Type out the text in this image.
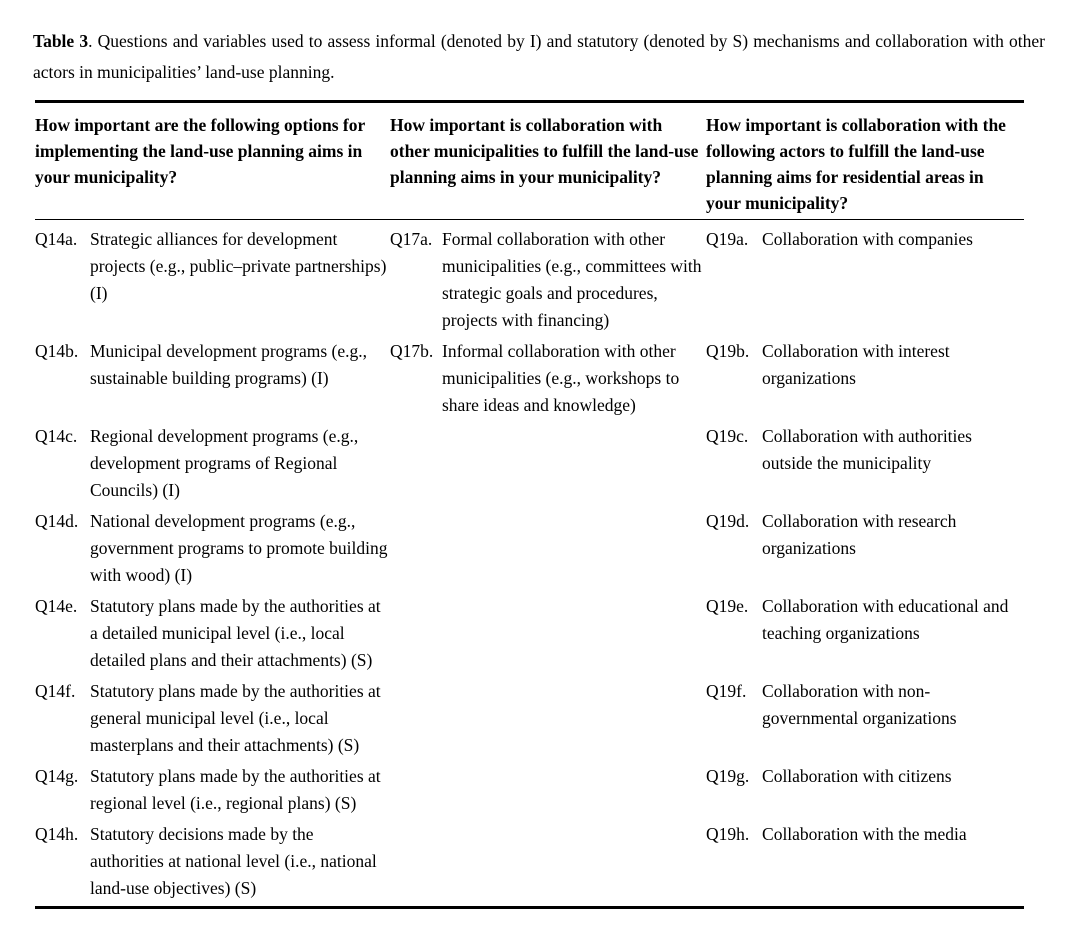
Table 3. Questions and variables used to assess informal (denoted by I) and statutory (denoted by S) mechanisms and collaboration with other actors in municipalities’ land-use planning.

How important are the following options for implementing the land-use planning aims in your municipality?		How important is collaboration with other municipalities to fulfill the land-use planning aims in your municipality?		How important is collaboration with the following actors to fulfill the land-use planning aims for residential areas in your municipality?	
Q14a.	Strategic alliances for development projects (e.g., public–private partnerships) (I)	Q17a.	Formal collaboration with other municipalities (e.g., committees with strategic goals and procedures, projects with financing)	Q19a.	Collaboration with companies
Q14b.	Municipal development programs (e.g., sustainable building programs) (I)	Q17b.	Informal collaboration with other municipalities (e.g., workshops to share ideas and knowledge)	Q19b.	Collaboration with interest organizations
Q14c.	Regional development programs (e.g., development programs of Regional Councils) (I)			Q19c.	Collaboration with authorities outside the municipality
Q14d.	National development programs (e.g., government programs to promote building with wood) (I)			Q19d.	Collaboration with research organizations
Q14e.	Statutory plans made by the authorities at a detailed municipal level (i.e., local detailed plans and their attachments) (S)			Q19e.	Collaboration with educational and teaching organizations
Q14f.	Statutory plans made by the authorities at general municipal level (i.e., local masterplans and their attachments) (S)			Q19f.	Collaboration with non-governmental organizations
Q14g.	Statutory plans made by the authorities at regional level (i.e., regional plans) (S)			Q19g.	Collaboration with citizens
Q14h.	Statutory decisions made by the authorities at national level (i.e., national land-use objectives) (S)			Q19h.	Collaboration with the media
